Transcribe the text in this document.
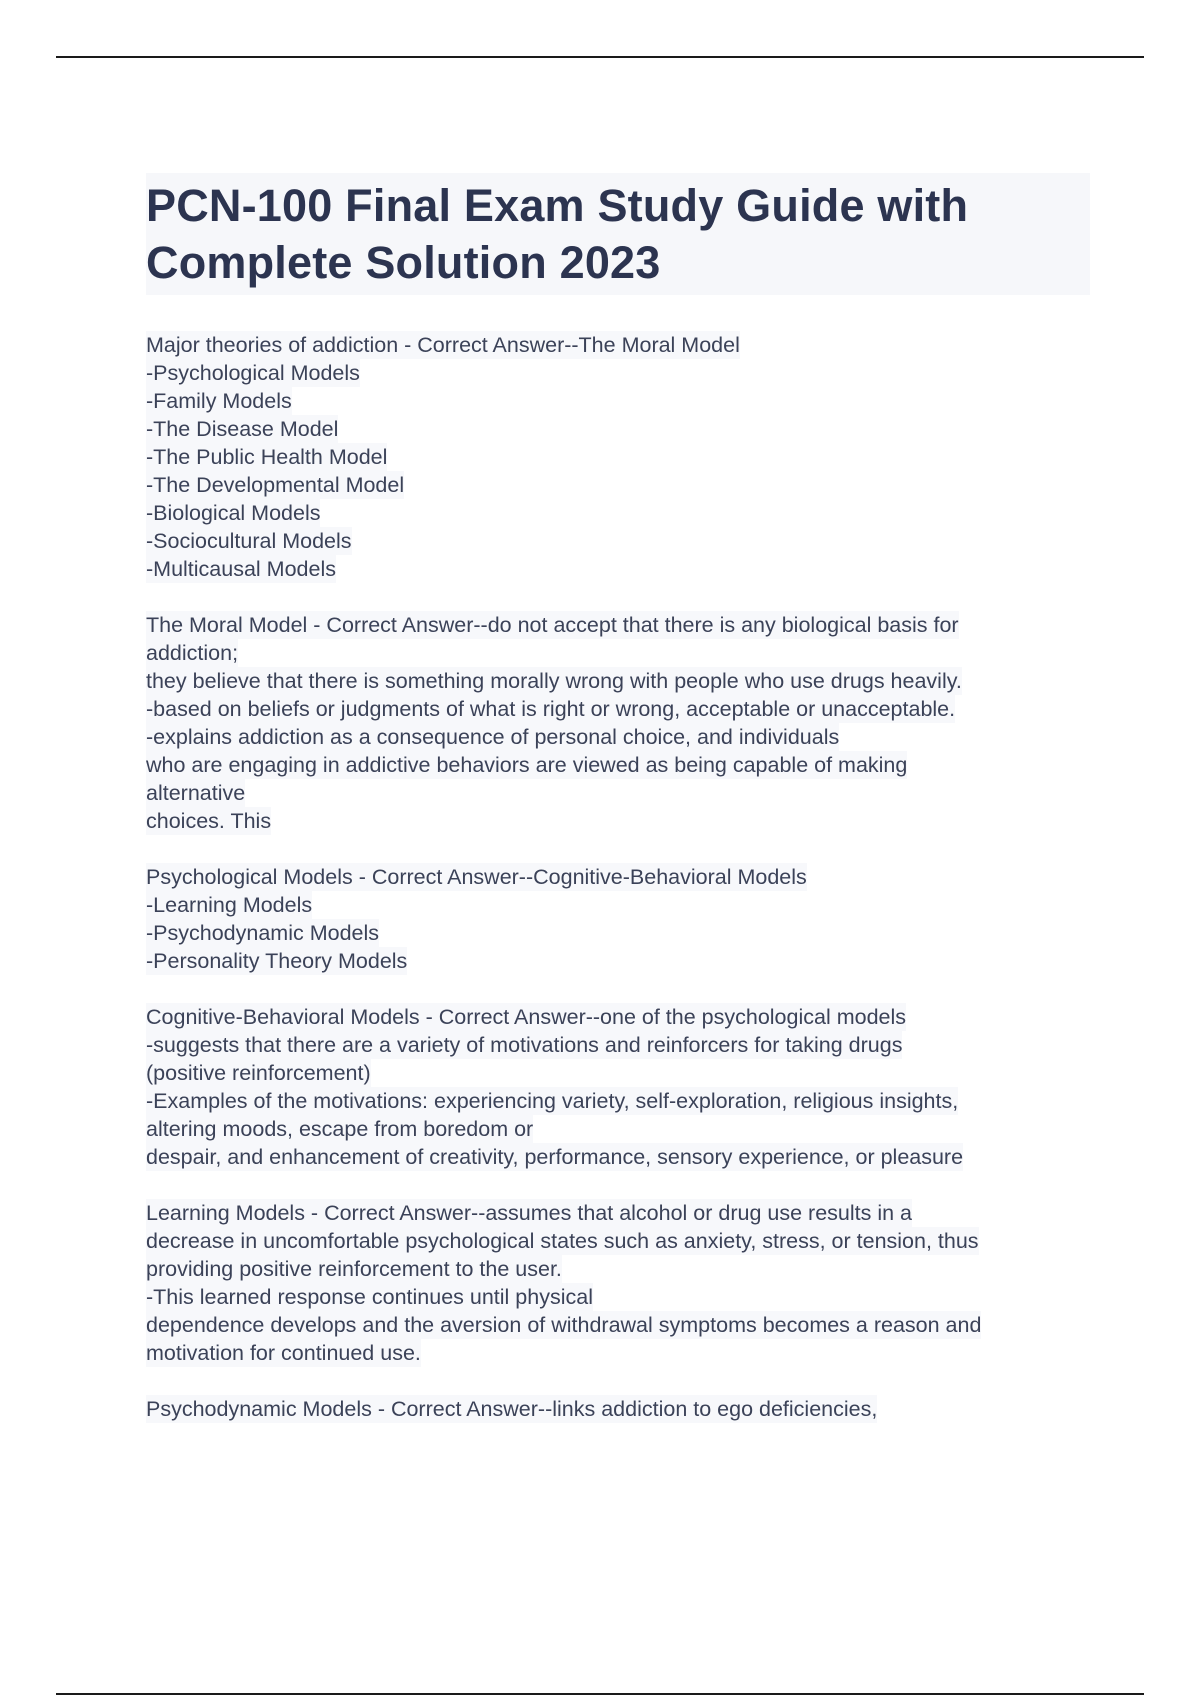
PCN-100 Final Exam Study Guide with Complete Solution 2023
Major theories of addiction - Correct Answer--The Moral Model
-Psychological Models
-Family Models
-The Disease Model
-The Public Health Model
-The Developmental Model
-Biological Models
-Sociocultural Models
-Multicausal Models
The Moral Model - Correct Answer--do not accept that there is any biological basis for
addiction;
they believe that there is something morally wrong with people who use drugs heavily.
-based on beliefs or judgments of what is right or wrong, acceptable or unacceptable.
-explains addiction as a consequence of personal choice, and individuals
who are engaging in addictive behaviors are viewed as being capable of making
alternative
choices. This
Psychological Models - Correct Answer--Cognitive-Behavioral Models
-Learning Models
-Psychodynamic Models
-Personality Theory Models
Cognitive-Behavioral Models - Correct Answer--one of the psychological models
-suggests that there are a variety of motivations and reinforcers for taking drugs
(positive reinforcement)
-Examples of the motivations: experiencing variety, self-exploration, religious insights,
altering moods, escape from boredom or
despair, and enhancement of creativity, performance, sensory experience, or pleasure
Learning Models - Correct Answer--assumes that alcohol or drug use results in a
decrease in uncomfortable psychological states such as anxiety, stress, or tension, thus
providing positive reinforcement to the user.
-This learned response continues until physical
dependence develops and the aversion of withdrawal symptoms becomes a reason and
motivation for continued use.
Psychodynamic Models - Correct Answer--links addiction to ego deficiencies,
